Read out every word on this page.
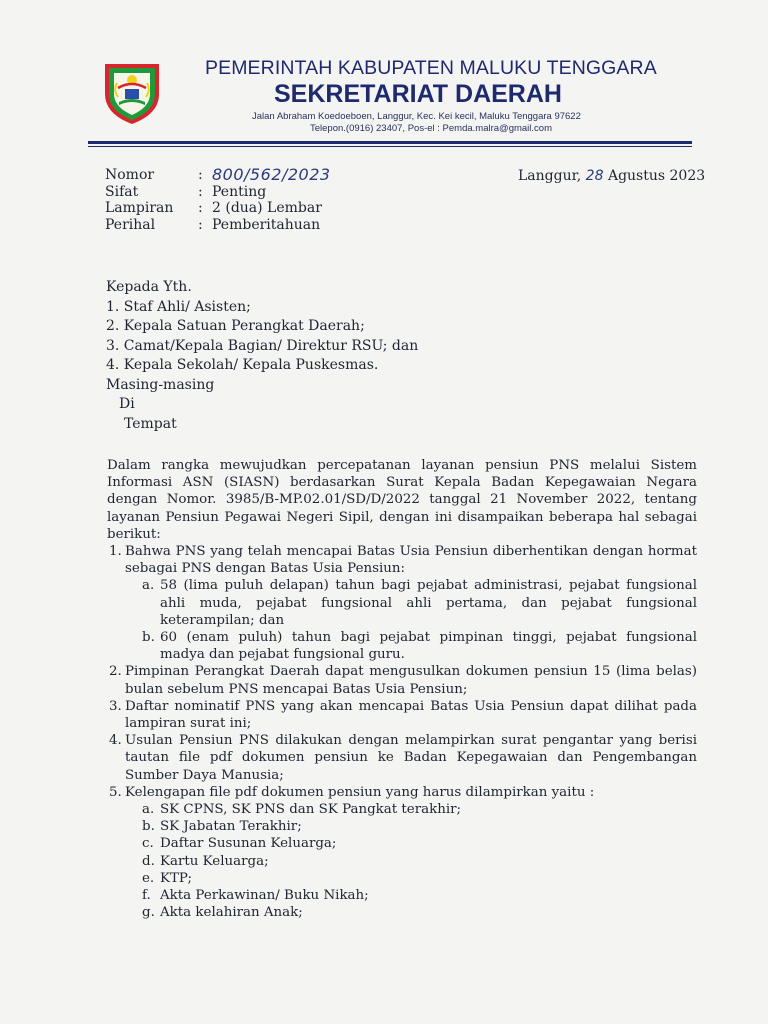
PEMERINTAH KABUPATEN MALUKU TENGGARA
SEKRETARIAT DAERAH
Jalan Abraham Koedoeboen, Langgur, Kec. Kei kecil, Maluku Tenggara 97622
Telepon.(0916) 23407, Pos-el : Pemda.malra@gmail.com
Nomor	: 800/562/2023
Sifat	: Penting
Lampiran	: 2 (dua) Lembar
Perihal	: Pemberitahuan
Langgur, 28 Agustus 2023
Kepada Yth.
1. Staf Ahli/ Asisten;
2. Kepala Satuan Perangkat Daerah;
3. Camat/Kepala Bagian/ Direktur RSU; dan
4. Kepala Sekolah/ Kepala Puskesmas.
Masing-masing
Di
Tempat

Dalam rangka mewujudkan percepatanan layanan pensiun PNS melalui Sistem Informasi ASN (SIASN) berdasarkan Surat Kepala Badan Kepegawaian Negara dengan Nomor. 3985/B-MP.02.01/SD/D/2022 tanggal 21 November 2022, tentang layanan Pensiun Pegawai Negeri Sipil, dengan ini disampaikan beberapa hal sebagai berikut:

1. Bahwa PNS yang telah mencapai Batas Usia Pensiun diberhentikan dengan hormat sebagai PNS dengan Batas Usia Pensiun:
a. 58 (lima puluh delapan) tahun bagi pejabat administrasi, pejabat fungsional ahli muda, pejabat fungsional ahli pertama, dan pejabat fungsional keterampilan; dan
b. 60 (enam puluh) tahun bagi pejabat pimpinan tinggi, pejabat fungsional madya dan pejabat fungsional guru.
2. Pimpinan Perangkat Daerah dapat mengusulkan dokumen pensiun 15 (lima belas) bulan sebelum PNS mencapai Batas Usia Pensiun;
3. Daftar nominatif PNS yang akan mencapai Batas Usia Pensiun dapat dilihat pada lampiran surat ini;
4. Usulan Pensiun PNS dilakukan dengan melampirkan surat pengantar yang berisi tautan file pdf dokumen pensiun ke Badan Kepegawaian dan Pengembangan Sumber Daya Manusia;
5. Kelengapan file pdf dokumen pensiun yang harus dilampirkan yaitu :
a. SK CPNS, SK PNS dan SK Pangkat terakhir;
b. SK Jabatan Terakhir;
c. Daftar Susunan Keluarga;
d. Kartu Keluarga;
e. KTP;
f. Akta Perkawinan/ Buku Nikah;
g. Akta kelahiran Anak;
